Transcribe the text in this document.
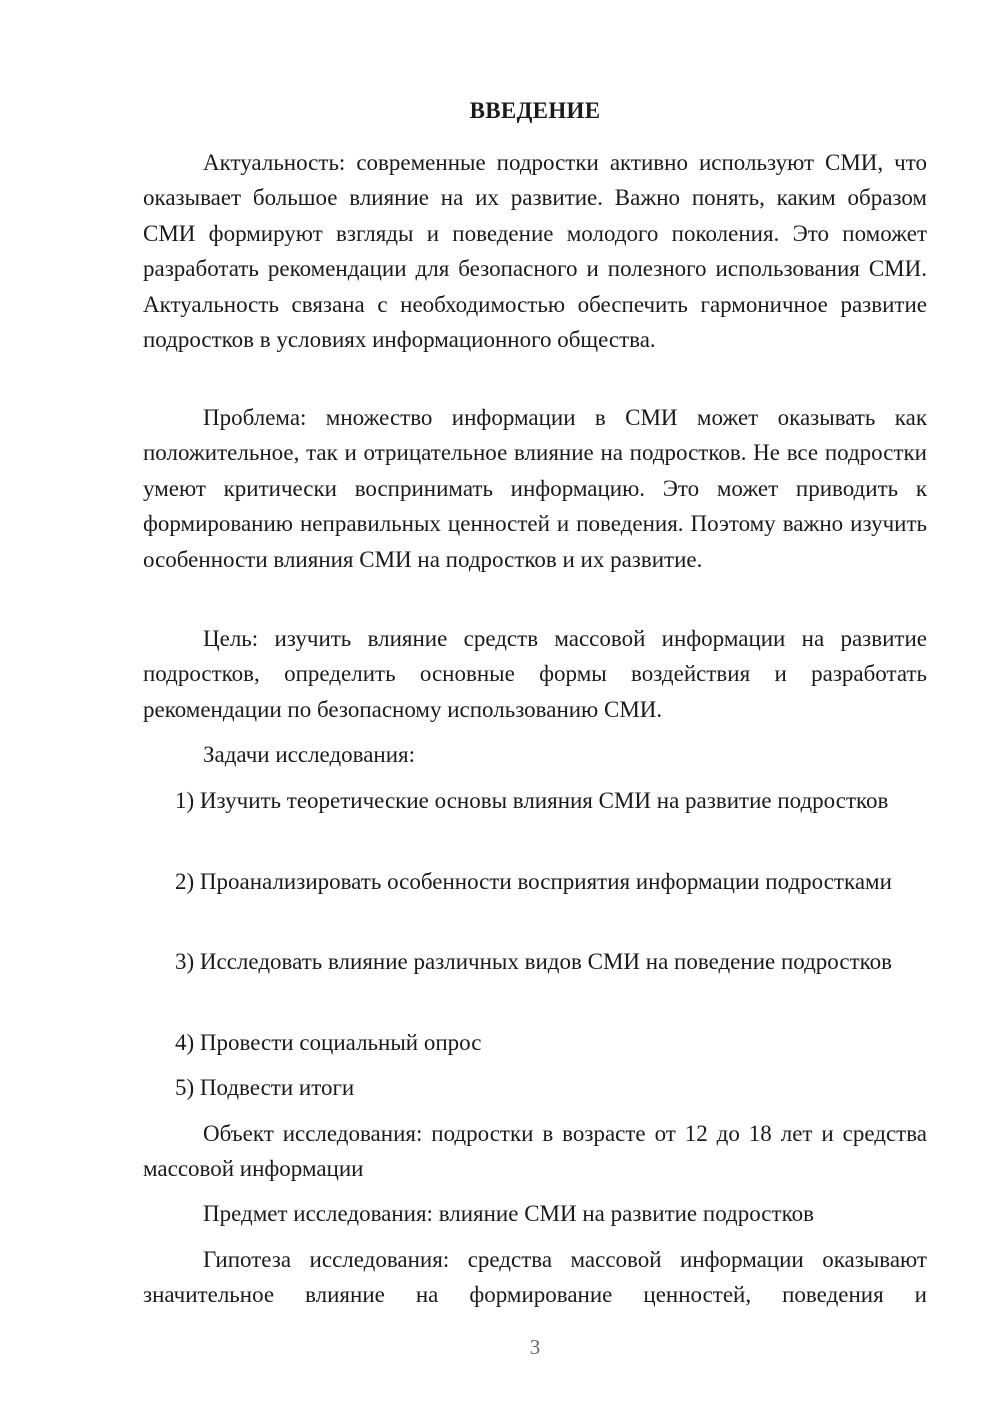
ВВЕДЕНИЕ

Актуальность: современные подростки активно используют СМИ, что оказывает большое влияние на их развитие. Важно понять, каким образом СМИ формируют взгляды и поведение молодого поколения. Это поможет разработать рекомендации для безопасного и полезного использования СМИ. Актуальность связана с необходимостью обеспечить гармоничное развитие подростков в условиях информационного общества.

Проблема: множество информации в СМИ может оказывать как положительное, так и отрицательное влияние на подростков. Не все подростки умеют критически воспринимать информацию. Это может приводить к формированию неправильных ценностей и поведения. Поэтому важно изучить особенности влияния СМИ на подростков и их развитие.

Цель: изучить влияние средств массовой информации на развитие подростков, определить основные формы воздействия и разработать рекомендации по безопасному использованию СМИ.

Задачи исследования:

1) Изучить теоретические основы влияния СМИ на развитие подростков

2) Проанализировать особенности восприятия информации подростками

3) Исследовать влияние различных видов СМИ на поведение подростков

4) Провести социальный опрос

5) Подвести итоги

Объект исследования: подростки в возрасте от 12 до 18 лет и средства массовой информации

Предмет исследования: влияние СМИ на развитие подростков

Гипотеза исследования: средства массовой информации оказывают значительное влияние на формирование ценностей, поведения и

3
